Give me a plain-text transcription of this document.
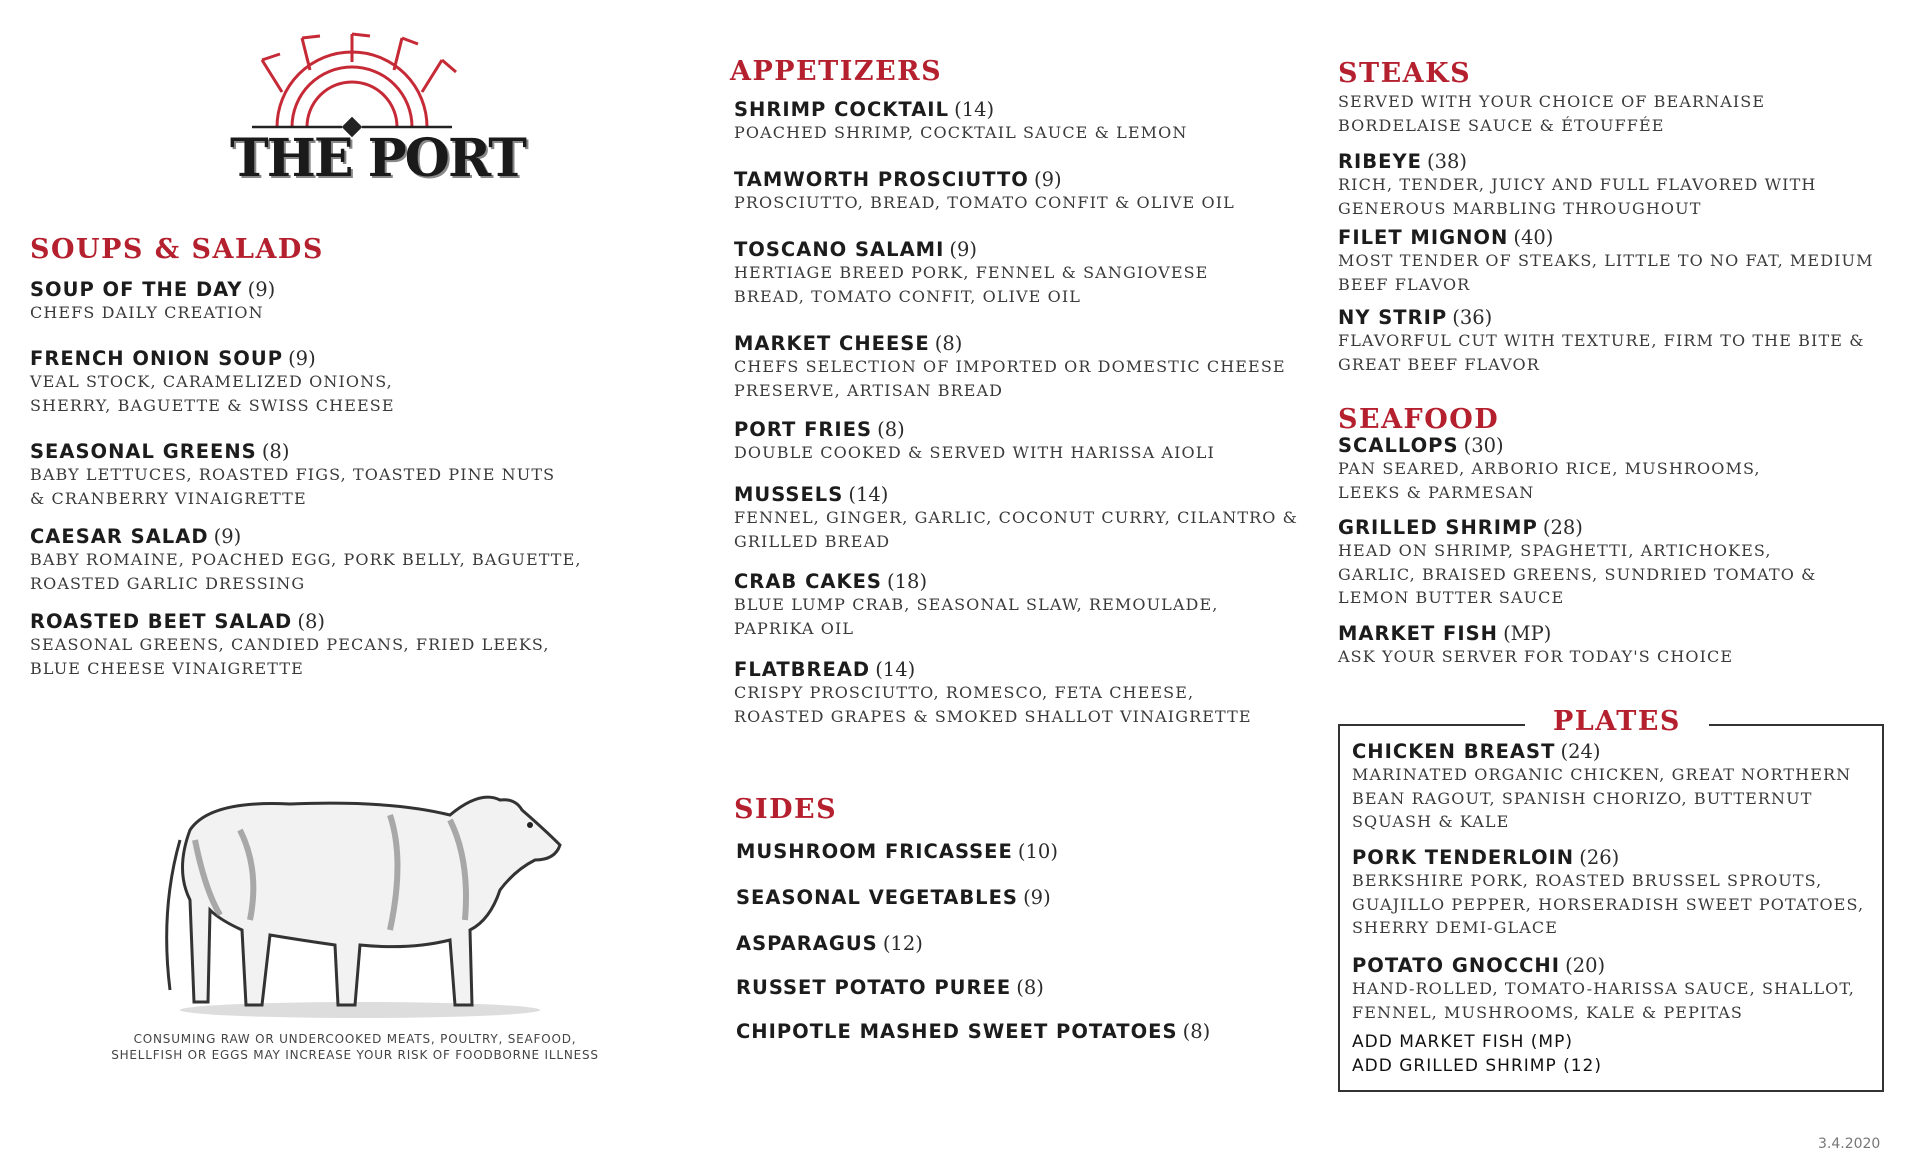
THE PORT
SOUPS & SALADS

SOUP OF THE DAY (9)

CHEFS DAILY CREATION

FRENCH ONION SOUP (9)

VEAL STOCK, CARAMELIZED ONIONS,
SHERRY, BAGUETTE & SWISS CHEESE

SEASONAL GREENS (8)

BABY LETTUCES, ROASTED FIGS, TOASTED PINE NUTS
& CRANBERRY VINAIGRETTE

CAESAR SALAD (9)

BABY ROMAINE, POACHED EGG, PORK BELLY, BAGUETTE,
ROASTED GARLIC DRESSING

ROASTED BEET SALAD (8)

SEASONAL GREENS, CANDIED PECANS, FRIED LEEKS,
BLUE CHEESE VINAIGRETTE
CONSUMING RAW OR UNDERCOOKED MEATS, POULTRY, SEAFOOD,
SHELLFISH OR EGGS MAY INCREASE YOUR RISK OF FOODBORNE ILLNESS
APPETIZERS

SHRIMP COCKTAIL (14)

POACHED SHRIMP, COCKTAIL SAUCE & LEMON

TAMWORTH PROSCIUTTO (9)

PROSCIUTTO, BREAD, TOMATO CONFIT & OLIVE OIL

TOSCANO SALAMI (9)

HERTIAGE BREED PORK, FENNEL & SANGIOVESE
BREAD, TOMATO CONFIT, OLIVE OIL

MARKET CHEESE (8)

CHEFS SELECTION OF IMPORTED OR DOMESTIC CHEESE
PRESERVE, ARTISAN BREAD

PORT FRIES (8)

DOUBLE COOKED & SERVED WITH HARISSA AIOLI

MUSSELS (14)

FENNEL, GINGER, GARLIC, COCONUT CURRY, CILANTRO &
GRILLED BREAD

CRAB CAKES (18)

BLUE LUMP CRAB, SEASONAL SLAW, REMOULADE,
PAPRIKA OIL

FLATBREAD (14)

CRISPY PROSCIUTTO, ROMESCO, FETA CHEESE,
ROASTED GRAPES & SMOKED SHALLOT VINAIGRETTE
SIDES

MUSHROOM FRICASSEE (10)

SEASONAL VEGETABLES (9)

ASPARAGUS (12)

RUSSET POTATO PUREE (8)

CHIPOTLE MASHED SWEET POTATOES (8)

STEAKS
SERVED WITH YOUR CHOICE OF BEARNAISE
BORDELAISE SAUCE & ÉTOUFFÉE

RIBEYE (38)

RICH, TENDER, JUICY AND FULL FLAVORED WITH
GENEROUS MARBLING THROUGHOUT

FILET MIGNON (40)

MOST TENDER OF STEAKS, LITTLE TO NO FAT, MEDIUM
BEEF FLAVOR

NY STRIP (36)

FLAVORFUL CUT WITH TEXTURE, FIRM TO THE BITE &
GREAT BEEF FLAVOR
SEAFOOD

SCALLOPS (30)

PAN SEARED, ARBORIO RICE, MUSHROOMS,
LEEKS & PARMESAN

GRILLED SHRIMP (28)

HEAD ON SHRIMP, SPAGHETTI, ARTICHOKES,
GARLIC, BRAISED GREENS, SUNDRIED TOMATO &
LEMON BUTTER SAUCE

MARKET FISH (MP)

ASK YOUR SERVER FOR TODAY'S CHOICE
PLATES

CHICKEN BREAST (24)

MARINATED ORGANIC CHICKEN, GREAT NORTHERN
BEAN RAGOUT, SPANISH CHORIZO, BUTTERNUT
SQUASH & KALE

PORK TENDERLOIN (26)

BERKSHIRE PORK, ROASTED BRUSSEL SPROUTS,
GUAJILLO PEPPER, HORSERADISH SWEET POTATOES,
SHERRY DEMI-GLACE

POTATO GNOCCHI (20)

HAND-ROLLED, TOMATO-HARISSA SAUCE, SHALLOT,
FENNEL, MUSHROOMS, KALE & PEPITAS
ADD MARKET FISH (MP)
ADD GRILLED SHRIMP (12)
3.4.2020
